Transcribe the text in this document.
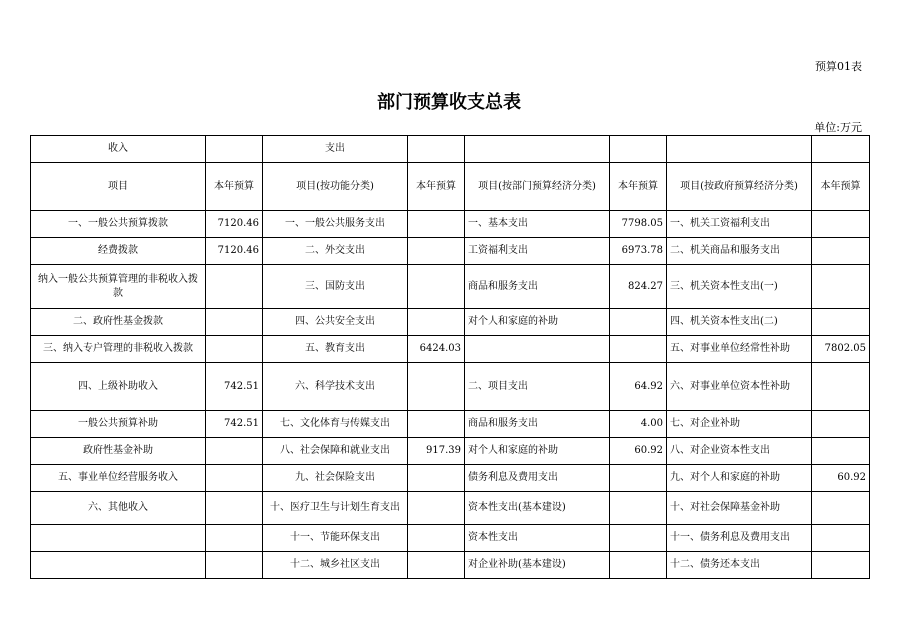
预算01表
部门预算收支总表
单位:万元
收入		支出					
项目	本年预算	项目(按功能分类)	本年预算	项目(按部门预算经济分类)	本年预算	项目(按政府预算经济分类)	本年预算
一、一般公共预算拨款	7120.46	一、一般公共服务支出		一、基本支出	7798.05	一、机关工资福利支出	
经费拨款	7120.46	二、外交支出		工资福利支出	6973.78	二、机关商品和服务支出	
纳入一般公共预算管理的非税收入拨款		三、国防支出		商品和服务支出	824.27	三、机关资本性支出(一)	
二、政府性基金拨款		四、公共安全支出		对个人和家庭的补助		四、机关资本性支出(二)	
三、纳入专户管理的非税收入拨款		五、教育支出	6424.03			五、对事业单位经常性补助	7802.05
四、上级补助收入	742.51	六、科学技术支出		二、项目支出	64.92	六、对事业单位资本性补助	
一般公共预算补助	742.51	七、文化体育与传媒支出		商品和服务支出	4.00	七、对企业补助	
政府性基金补助		八、社会保障和就业支出	917.39	对个人和家庭的补助	60.92	八、对企业资本性支出	
五、事业单位经营服务收入		九、社会保险支出		债务利息及费用支出		九、对个人和家庭的补助	60.92
六、其他收入		十、医疗卫生与计划生育支出		资本性支出(基本建设)		十、对社会保障基金补助	
		十一、节能环保支出		资本性支出		十一、债务利息及费用支出	
		十二、城乡社区支出		对企业补助(基本建设)		十二、债务还本支出	
